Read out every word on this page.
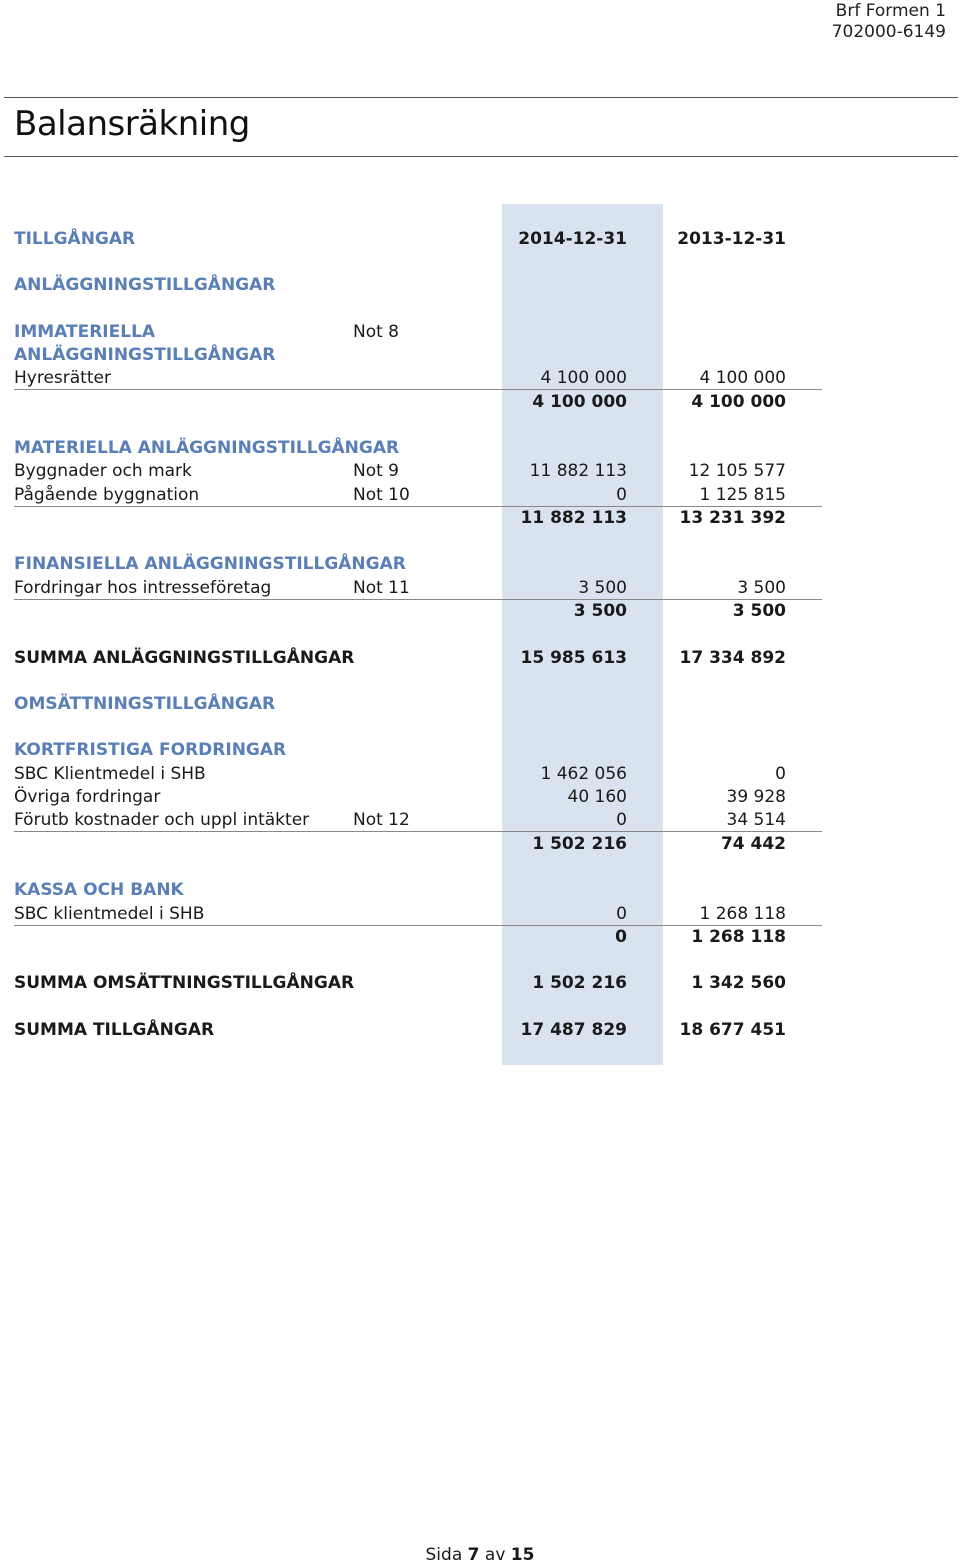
Brf Formen 1
702000-6149
Balansräkning
TILLGÅNGAR	2014-12-31	2013-12-31
ANLÄGGNINGSTILLGÅNGAR
IMMATERIELLA	Not 8
ANLÄGGNINGSTILLGÅNGAR
Hyresrätter	4 100 000	4 100 000
4 100 000	4 100 000
MATERIELLA ANLÄGGNINGSTILLGÅNGAR
Byggnader och mark	Not 9	11 882 113	12 105 577
Pågående byggnation	Not 10	0	1 125 815
11 882 113	13 231 392
FINANSIELLA ANLÄGGNINGSTILLGÅNGAR
Fordringar hos intresseföretag	Not 11	3 500	3 500
3 500	3 500
SUMMA ANLÄGGNINGSTILLGÅNGAR	15 985 613	17 334 892
OMSÄTTNINGSTILLGÅNGAR
KORTFRISTIGA FORDRINGAR
SBC Klientmedel i SHB	1 462 056	0
Övriga fordringar	40 160	39 928
Förutb kostnader och uppl intäkter	Not 12	0	34 514
1 502 216	74 442
KASSA OCH BANK
SBC klientmedel i SHB	0	1 268 118
0	1 268 118
SUMMA OMSÄTTNINGSTILLGÅNGAR	1 502 216	1 342 560
SUMMA TILLGÅNGAR	17 487 829	18 677 451
Sida 7 av 15
